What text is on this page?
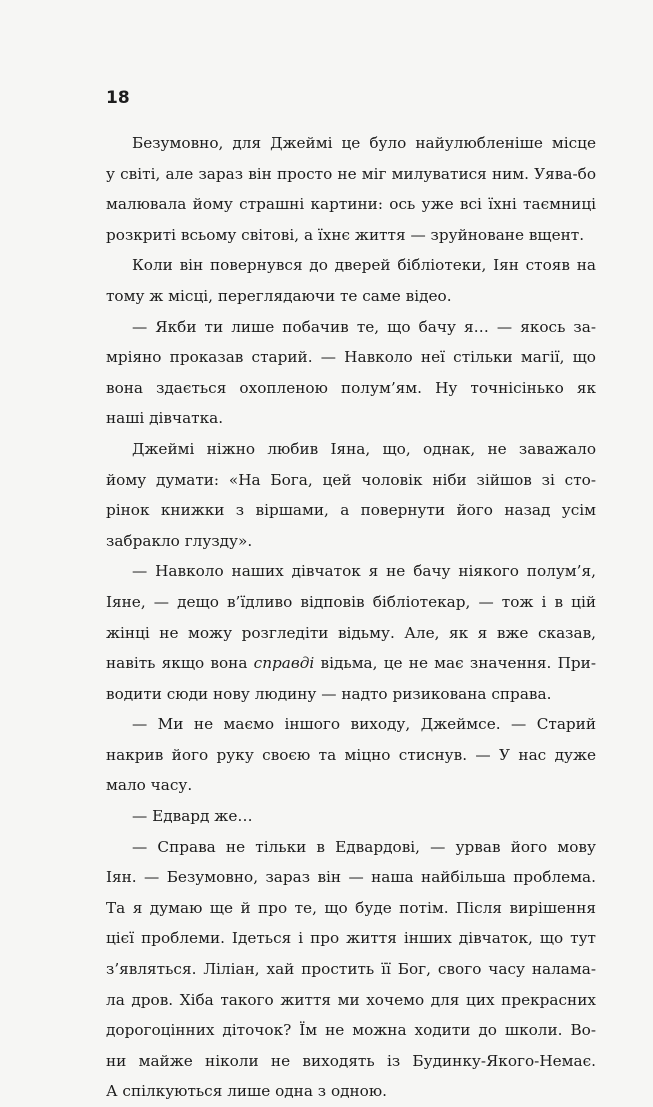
18
Безумовно, для Джеймі це було найулюбленіше місце
у світі, але зараз він просто не міг милуватися ним. Уява-бо
малювала йому страшні картини: ось уже всі їхні таємниці
розкриті всьому світові, а їхнє життя — зруйноване вщент.
Коли він повернувся до дверей бібліотеки, Іян стояв на
тому ж місці, переглядаючи те саме відео.
— Якби ти лише побачив те, що бачу я… — якось за-
мріяно проказав старий. — Навколо неї стільки магії, що
вона здається охопленою полум’ям. Ну точнісінько як
наші дівчатка.
Джеймі ніжно любив Іяна, що, однак, не заважало
йому думати: «На Бога, цей чоловік ніби зійшов зі сто-
рінок книжки з віршами, а повернути його назад усім
забракло глузду».
— Навколо наших дівчаток я не бачу ніякого полум’я,
Іяне, — дещо в’їдливо відповів бібліотекар, — тож і в цій
жінці не можу розгледіти відьму. Але, як я вже сказав,
навіть якщо вона справді відьма, це не має значення. При-
водити сюди нову людину — надто ризикована справа.
— Ми не маємо іншого виходу, Джеймсе. — Старий
накрив його руку своєю та міцно стиснув. — У нас дуже
мало часу.
— Едвард же…
— Справа не тільки в Едвардові, — урвав його мову
Іян. — Безумовно, зараз він — наша найбільша проблема.
Та я думаю ще й про те, що буде потім. Після вирішення
цієї проблеми. Ідеться і про життя інших дівчаток, що тут
з’являться. Ліліан, хай простить її Бог, свого часу налама-
ла дров. Хіба такого життя ми хочемо для цих прекрасних
дорогоцінних діточок? Їм не можна ходити до школи. Во-
ни майже ніколи не виходять із Будинку-Якого-Немає.
А спілкуються лише одна з одною.
